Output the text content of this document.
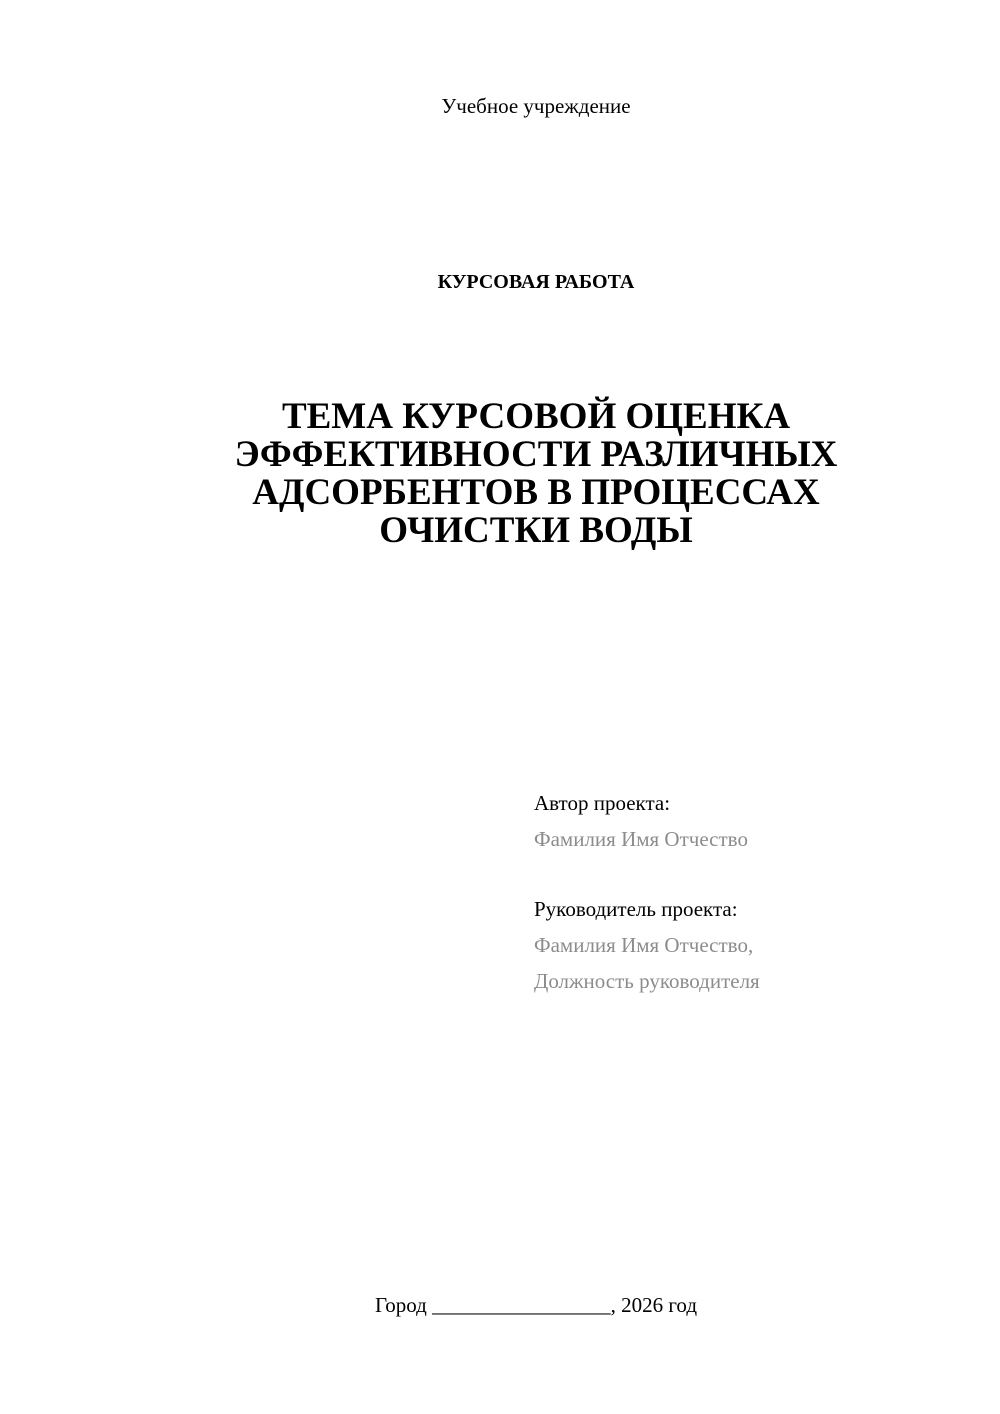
Учебное учреждение
КУРСОВАЯ РАБОТА
ТЕМА КУРСОВОЙ ОЦЕНКА
ЭФФЕКТИВНОСТИ РАЗЛИЧНЫХ
АДСОРБЕНТОВ В ПРОЦЕССАХ
ОЧИСТКИ ВОДЫ
Автор проекта:
Фамилия Имя Отчество
Руководитель проекта:
Фамилия Имя Отчество,
Должность руководителя
Город _________________, 2026 год
